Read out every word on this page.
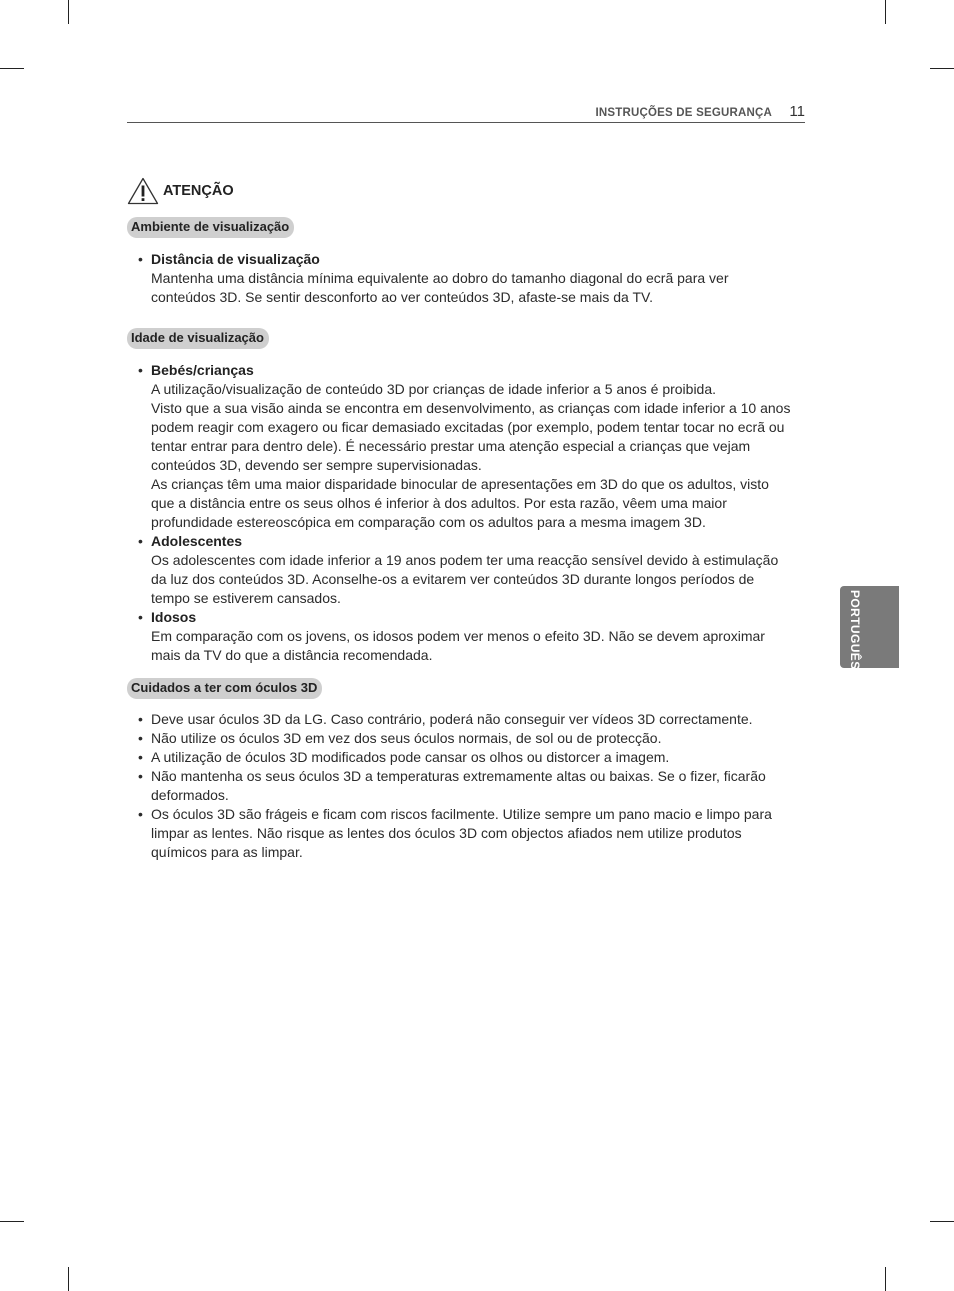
INSTRUÇÕES DE SEGURANÇA 11
PORTUGUÊS
ATENÇÃO
Ambiente de visualização
• Distância de visualização
Mantenha uma distância mínima equivalente ao dobro do tamanho diagonal do ecrã para ver conteúdos 3D. Se sentir desconforto ao ver conteúdos 3D, afaste-se mais da TV.
Idade de visualização
• Bebés/crianças
A utilização/visualização de conteúdo 3D por crianças de idade inferior a 5 anos é proibida.
Visto que a sua visão ainda se encontra em desenvolvimento, as crianças com idade inferior a 10 anos podem reagir com exagero ou ficar demasiado excitadas (por exemplo, podem tentar tocar no ecrã ou tentar entrar para dentro dele). É necessário prestar uma atenção especial a crianças que vejam conteúdos 3D, devendo ser sempre supervisionadas.
As crianças têm uma maior disparidade binocular de apresentações em 3D do que os adultos, visto que a distância entre os seus olhos é inferior à dos adultos. Por esta razão, vêem uma maior profundidade estereoscópica em comparação com os adultos para a mesma imagem 3D.
• Adolescentes
Os adolescentes com idade inferior a 19 anos podem ter uma reacção sensível devido à estimulação da luz dos conteúdos 3D. Aconselhe-os a evitarem ver conteúdos 3D durante longos períodos de tempo se estiverem cansados.
• Idosos
Em comparação com os jovens, os idosos podem ver menos o efeito 3D. Não se devem aproximar mais da TV do que a distância recomendada.
Cuidados a ter com óculos 3D
• Deve usar óculos 3D da LG. Caso contrário, poderá não conseguir ver vídeos 3D correctamente.
• Não utilize os óculos 3D em vez dos seus óculos normais, de sol ou de protecção.
• A utilização de óculos 3D modificados pode cansar os olhos ou distorcer a imagem.
• Não mantenha os seus óculos 3D a temperaturas extremamente altas ou baixas. Se o fizer, ficarão deformados.
• Os óculos 3D são frágeis e ficam com riscos facilmente. Utilize sempre um pano macio e limpo para limpar as lentes. Não risque as lentes dos óculos 3D com objectos afiados nem utilize produtos químicos para as limpar.
